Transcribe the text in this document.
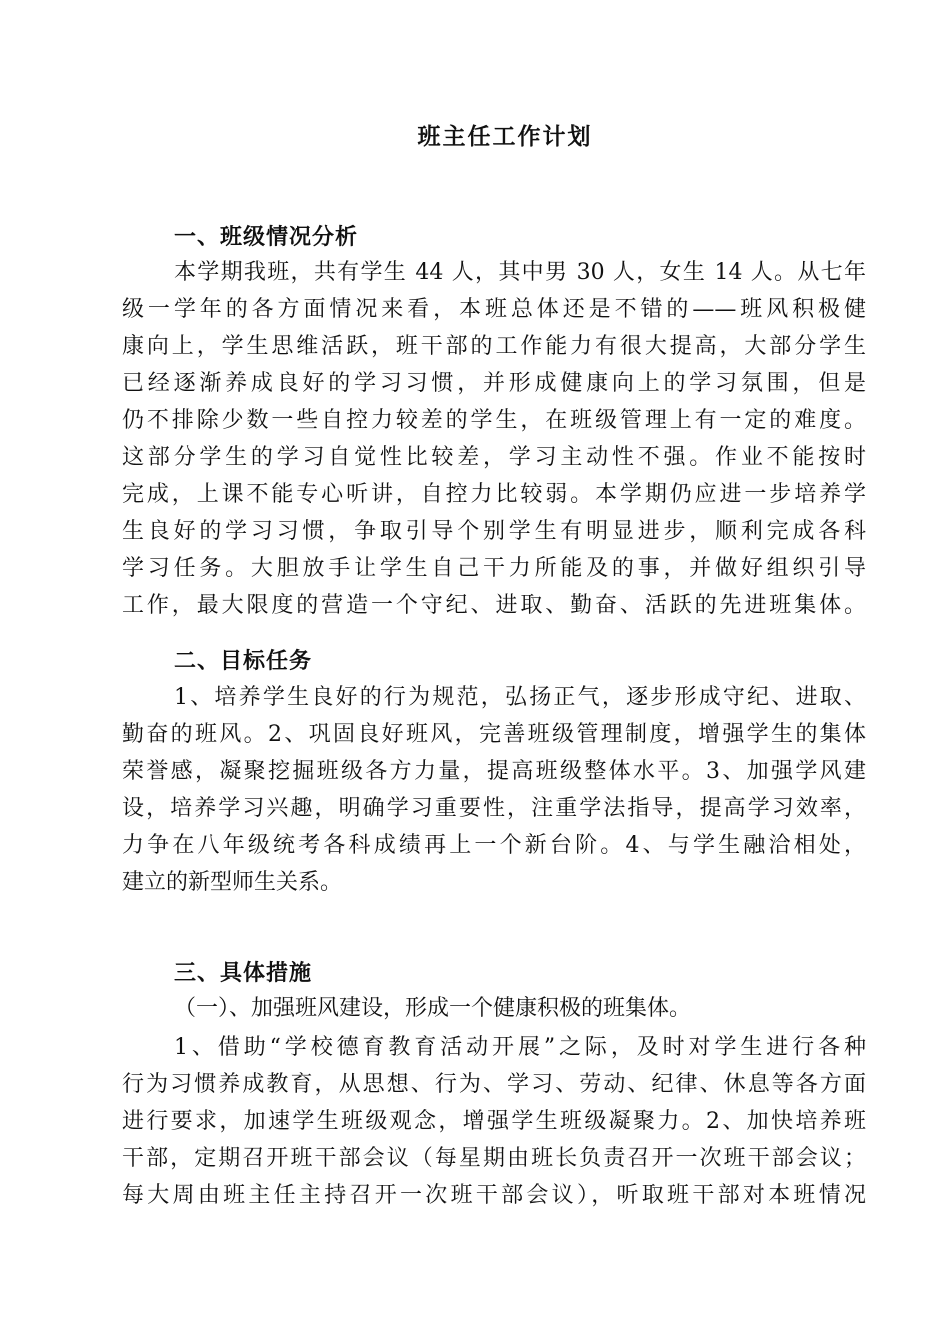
班主任工作计划
一、班级情况分析
本学期我班，共有学生 44 人，其中男 30 人，女生 14 人。从七年
级一学年的各方面情况来看，本班总体还是不错的——班风积极健
康向上，学生思维活跃，班干部的工作能力有很大提高，大部分学生
已经逐渐养成良好的学习习惯，并形成健康向上的学习氛围，但是
仍不排除少数一些自控力较差的学生，在班级管理上有一定的难度。
这部分学生的学习自觉性比较差，学习主动性不强。作业不能按时
完成，上课不能专心听讲，自控力比较弱。本学期仍应进一步培养学
生良好的学习习惯，争取引导个别学生有明显进步，顺利完成各科
学习任务。大胆放手让学生自己干力所能及的事，并做好组织引导
工作，最大限度的营造一个守纪、进取、勤奋、活跃的先进班集体。
二、目标任务
1、培养学生良好的行为规范，弘扬正气，逐步形成守纪、进取、
勤奋的班风。2、巩固良好班风，完善班级管理制度，增强学生的集体
荣誉感，凝聚挖掘班级各方力量，提高班级整体水平。3、加强学风建
设，培养学习兴趣，明确学习重要性，注重学法指导，提高学习效率，
力争在八年级统考各科成绩再上一个新台阶。4、与学生融洽相处，
建立的新型师生关系。
三、具体措施
（一）、加强班风建设，形成一个健康积极的班集体。
1、借助“学校德育教育活动开展”之际，及时对学生进行各种
行为习惯养成教育，从思想、行为、学习、劳动、纪律、休息等各方面
进行要求，加速学生班级观念，增强学生班级凝聚力。2、加快培养班
干部，定期召开班干部会议（每星期由班长负责召开一次班干部会议；
每大周由班主任主持召开一次班干部会议），听取班干部对本班情况
